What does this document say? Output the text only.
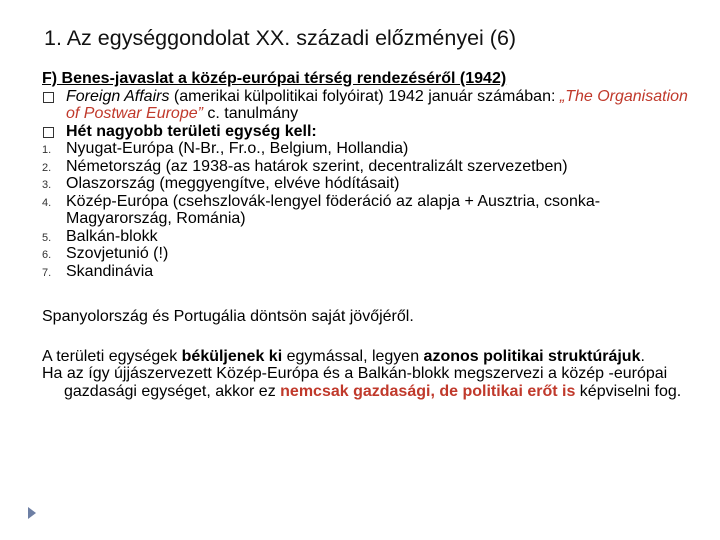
1. Az egységgondolat XX. századi előzményei (6)
F) Benes-javaslat a közép-európai térség rendezéséről (1942)
Foreign Affairs (amerikai külpolitikai folyóirat) 1942 január számában: „The Organisation of Postwar Europe” c. tanulmány
Hét nagyobb területi egység kell:
1. Nyugat-Európa (N-Br., Fr.o., Belgium, Hollandia)
2. Németország (az 1938-as határok szerint, decentralizált szervezetben)
3. Olaszország (meggyengítve, elvéve hódításait)
4. Közép-Európa (csehszlovák-lengyel föderáció az alapja + Ausztria, csonka-Magyarország, Románia)
5. Balkán-blokk
6. Szovjetunió (!)
7. Skandinávia
Spanyolország és Portugália döntsön saját jövőjéről.
A területi egységek béküljenek ki egymással, legyen azonos politikai struktúrájuk.
Ha az így újjászervezett Közép-Európa és a Balkán-blokk megszervezi a közép -európai gazdasági egységet, akkor ez nemcsak gazdasági, de politikai erőt is képviselni fog.
